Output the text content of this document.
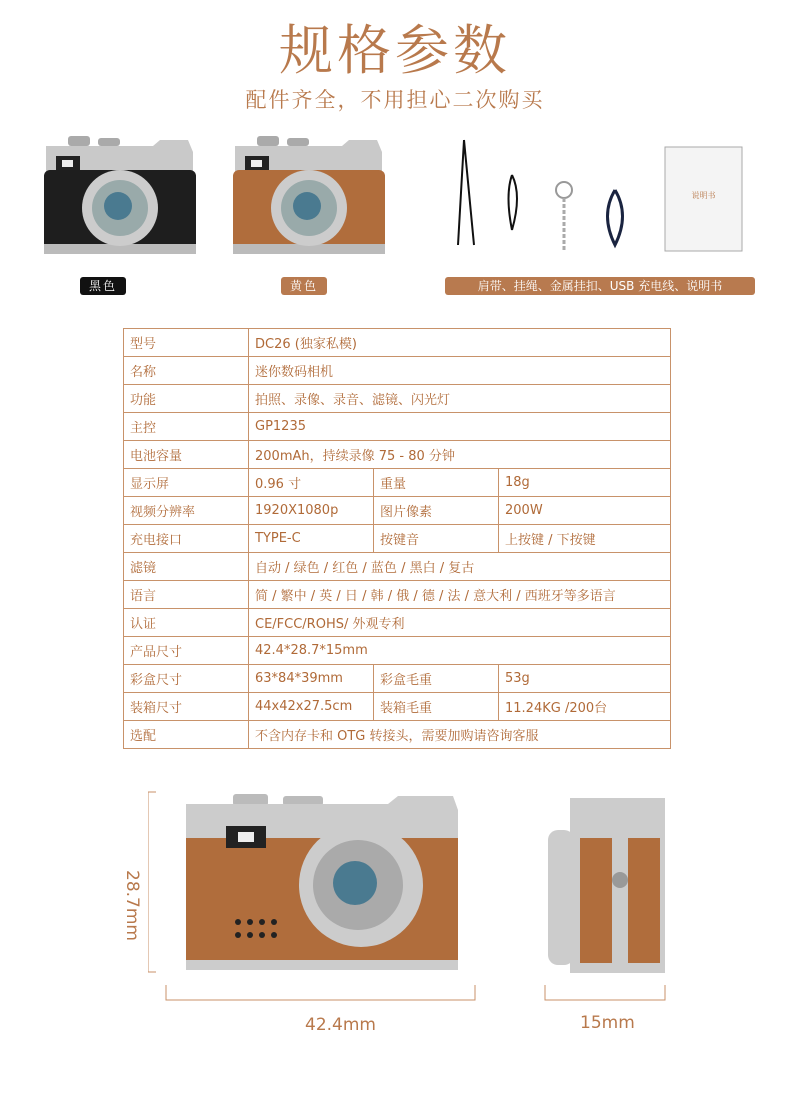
规格参数
配件齐全，不用担心二次购买
说明书
黑色	黄色	肩带、挂绳、金属挂扣、USB 充电线、说明书
型号	DC26 (独家私模)		
名称	迷你数码相机		
功能	拍照、录像、录音、滤镜、闪光灯		
主控	GP1235		
电池容量	200mAh，持续录像 75 - 80 分钟		
显示屏	0.96 寸	重量	18g
视频分辨率	1920X1080p	图片像素	200W
充电接口	TYPE-C	按键音	上按键 / 下按键
滤镜	自动 / 绿色 / 红色 / 蓝色 / 黑白 / 复古		
语言	简 / 繁中 / 英 / 日 / 韩 / 俄 / 德 / 法 / 意大利 / 西班牙等多语言		
认证	CE/FCC/ROHS/ 外观专利		
产品尺寸	42.4*28.7*15mm		
彩盒尺寸	63*84*39mm	彩盒毛重	53g
装箱尺寸	44x42x27.5cm	装箱毛重	11.24KG /200台
选配	不含内存卡和 OTG 转接头，需要加购请咨询客服		
28.7mm
42.4mm	15mm
